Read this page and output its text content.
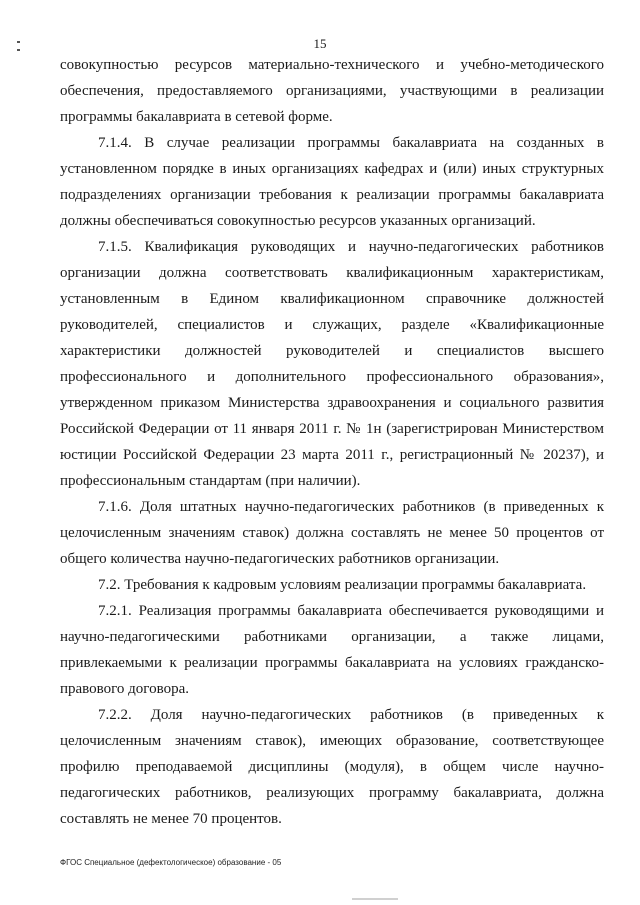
15

совокупностью ресурсов материально-технического и учебно-методического обеспечения, предоставляемого организациями, участвующими в реализации программы бакалавриата в сетевой форме.

7.1.4. В случае реализации программы бакалавриата на созданных в установленном порядке в иных организациях кафедрах и (или) иных структурных подразделениях организации требования к реализации программы бакалавриата должны обеспечиваться совокупностью ресурсов указанных организаций.

7.1.5. Квалификация руководящих и научно-педагогических работников организации должна соответствовать квалификационным характеристикам, установленным в Едином квалификационном справочнике должностей руководителей, специалистов и служащих, разделе «Квалификационные характеристики должностей руководителей и специалистов высшего профессионального и дополнительного профессионального образования», утвержденном приказом Министерства здравоохранения и социального развития Российской Федерации от 11 января 2011 г. № 1н (зарегистрирован Министерством юстиции Российской Федерации 23 марта 2011 г., регистрационный № 20237), и профессиональным стандартам (при наличии).

7.1.6. Доля штатных научно-педагогических работников (в приведенных к целочисленным значениям ставок) должна составлять не менее 50 процентов от общего количества научно-педагогических работников организации.

7.2. Требования к кадровым условиям реализации программы бакалавриата.

7.2.1. Реализация программы бакалавриата обеспечивается руководящими и научно-педагогическими работниками организации, а также лицами, привлекаемыми к реализации программы бакалавриата на условиях гражданско-правового договора.

7.2.2. Доля научно-педагогических работников (в приведенных к целочисленным значениям ставок), имеющих образование, соответствующее профилю преподаваемой дисциплины (модуля), в общем числе научно-педагогических работников, реализующих программу бакалавриата, должна составлять не менее 70 процентов.

ФГОС Специальное (дефектологическое) образование - 05
